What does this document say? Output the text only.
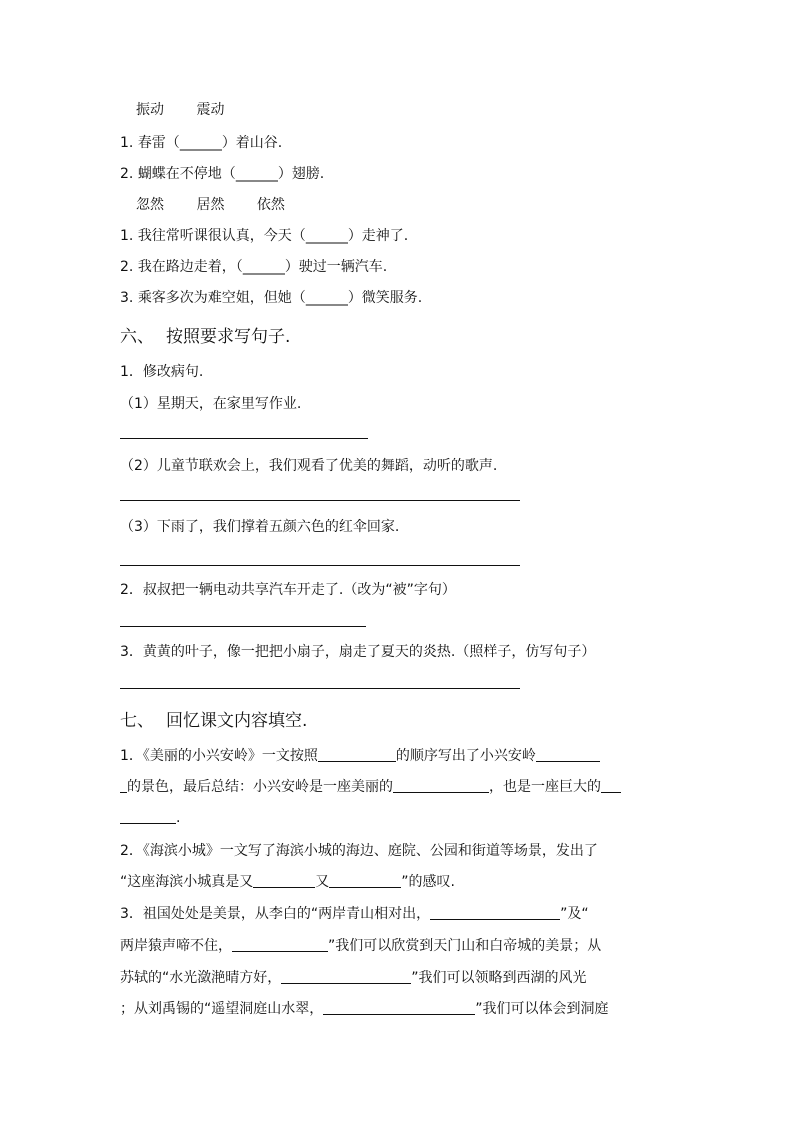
振动 震动
1. 春雷（______）着山谷.
2. 蝴蝶在不停地（______）翅膀.
忽然 居然 依然
1. 我往常听课很认真，今天（______）走神了.
2. 我在路边走着，（______）驶过一辆汽车.
3. 乘客多次为难空姐，但她（______）微笑服务.
六、 按照要求写句子.
1．修改病句.
（1）星期天，在家里写作业.
（2）儿童节联欢会上，我们观看了优美的舞蹈，动听的歌声.
（3）下雨了，我们撑着五颜六色的红伞回家.
2．叔叔把一辆电动共享汽车开走了.（改为“被”字句）
3．黄黄的叶子，像一把把小扇子，扇走了夏天的炎热.（照样子，仿写句子）
七、 回忆课文内容填空.
1．《美丽的小兴安岭》一文按照	的顺序写出了小兴安岭
的景色，最后总结：小兴安岭是一座美丽的	，也是一座巨大的
.
2．《海滨小城》一文写了海滨小城的海边、庭院、公园和街道等场景，发出了
“这座海滨小城真是又	又	”的感叹.
3．祖国处处是美景，从李白的“两岸青山相对出，	”及“
两岸猿声啼不住，	”我们可以欣赏到天门山和白帝城的美景；从
苏轼的“水光潋滟晴方好，	”我们可以领略到西湖的风光
；从刘禹锡的“遥望洞庭山水翠，	”我们可以体会到洞庭
